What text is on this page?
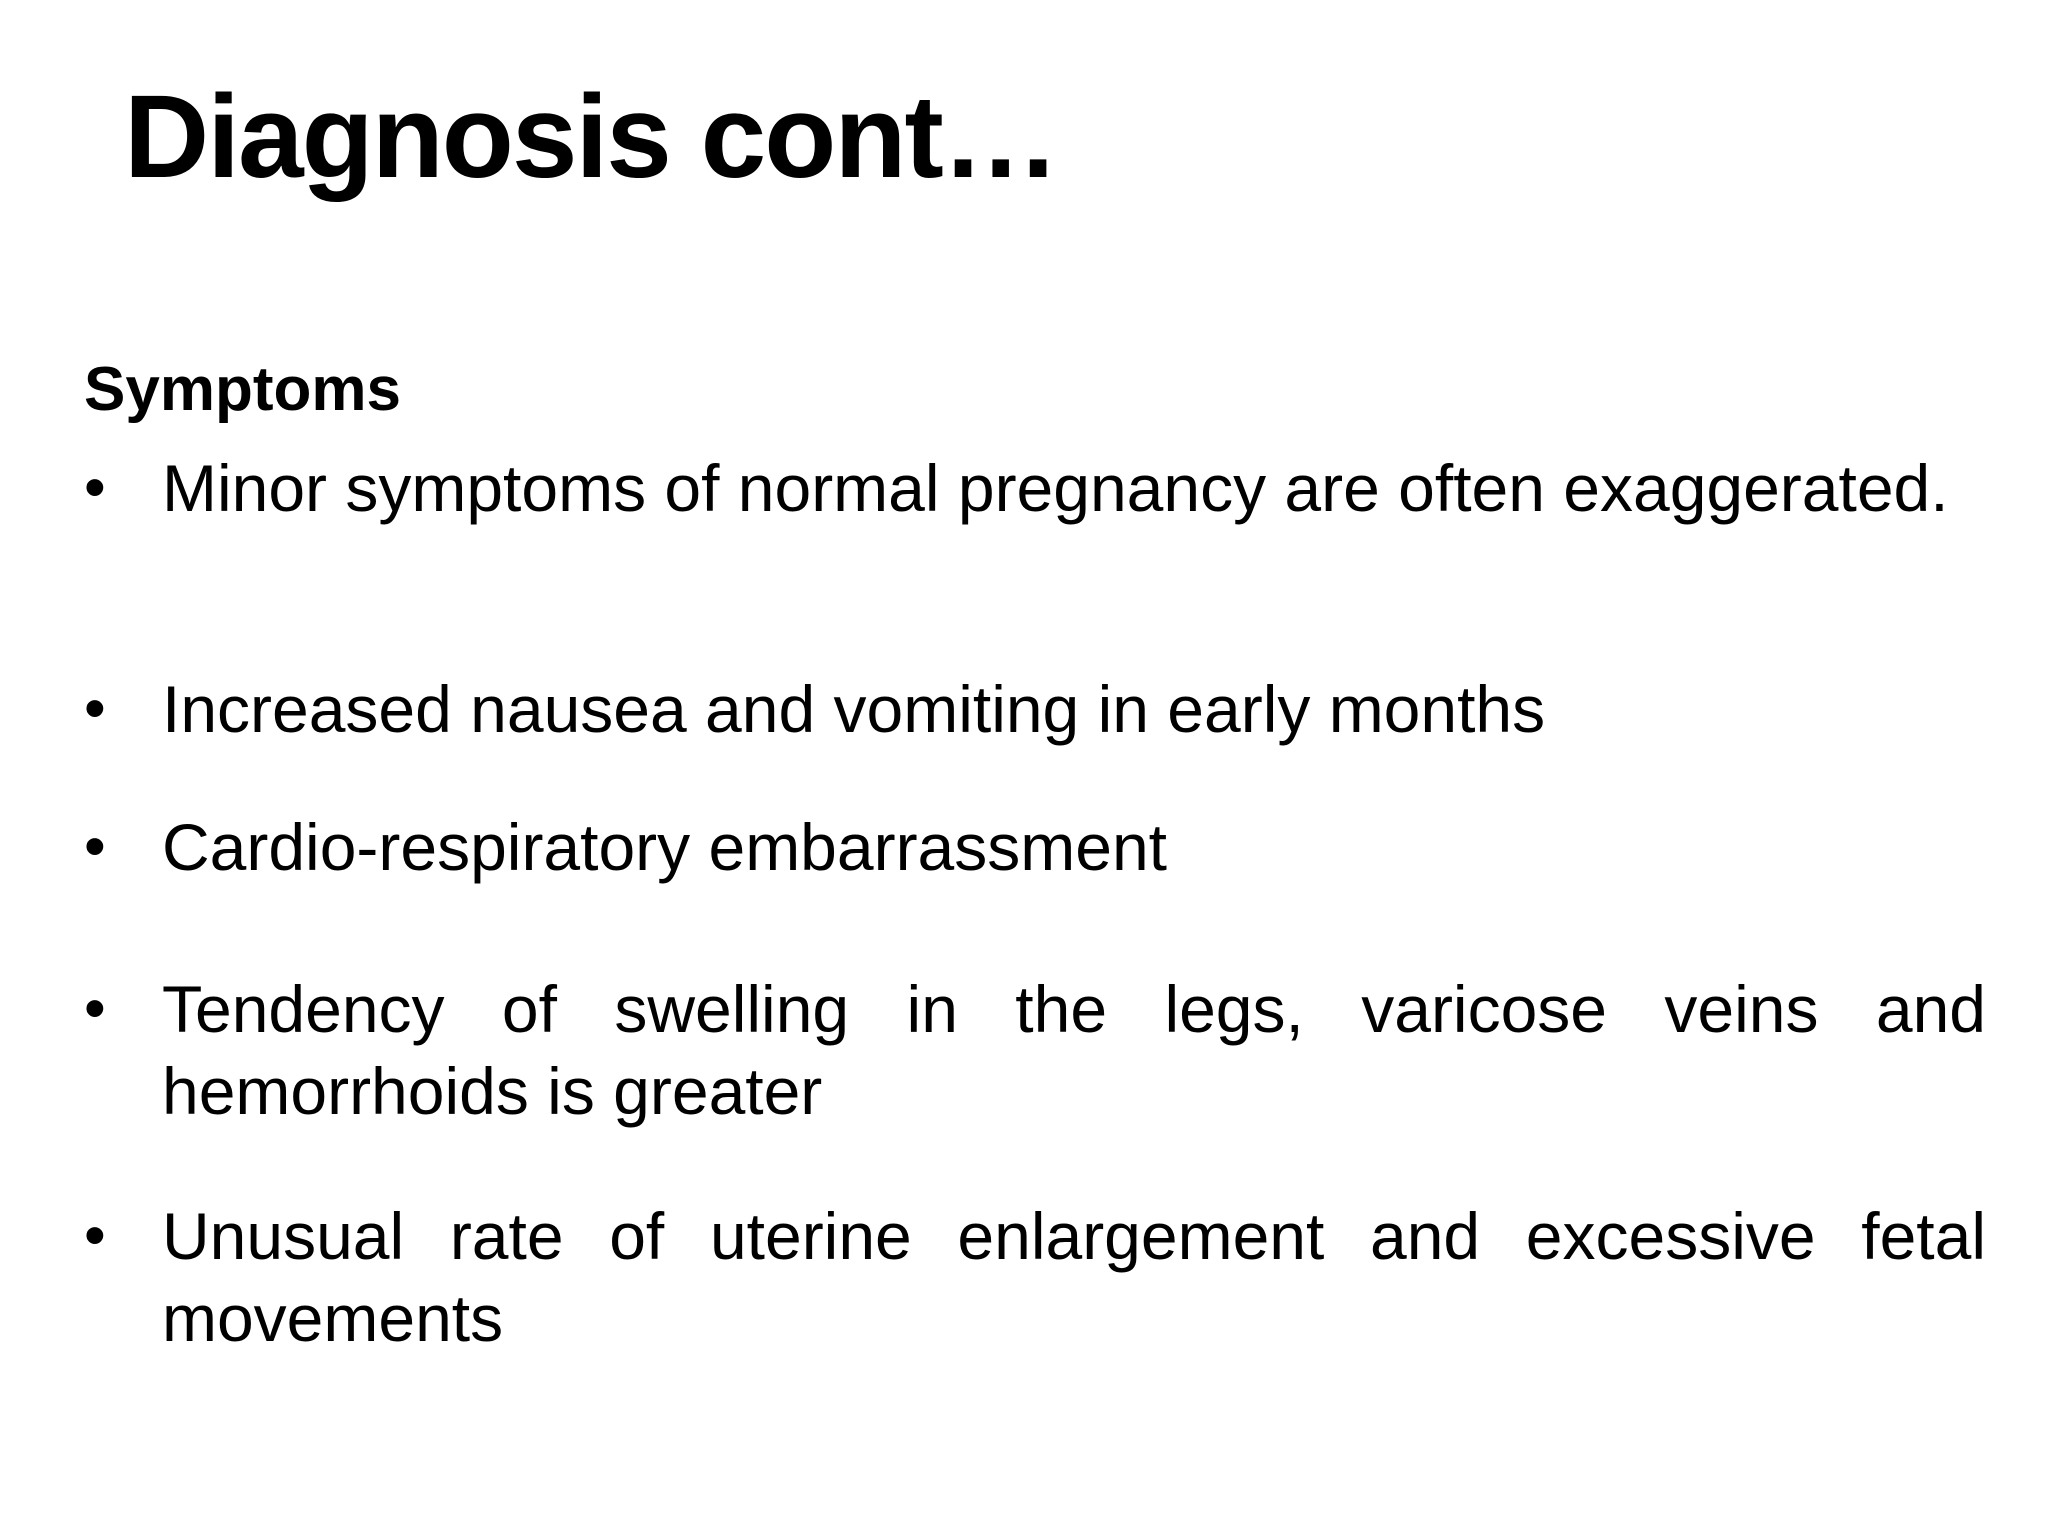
Diagnosis cont…
Symptoms
• Minor symptoms of normal pregnancy are often exaggerated.

• Increased nausea and vomiting in early months

• Cardio-respiratory embarrassment

• Tendency of swelling in the legs, varicose veins and hemorrhoids is greater

• Unusual rate of uterine enlargement and excessive fetal movements
